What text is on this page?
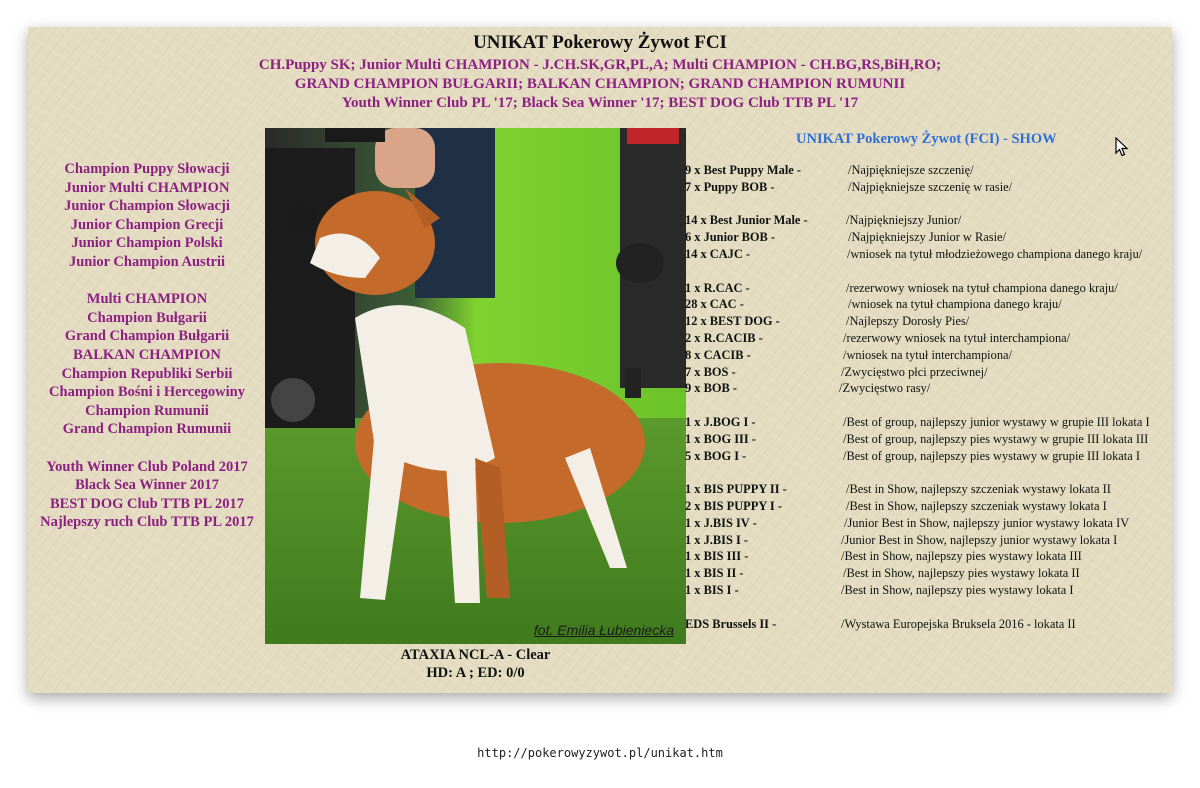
UNIKAT Pokerowy Żywot FCI
CH.Puppy SK; Junior Multi CHAMPION - J.CH.SK,GR,PL,A; Multi CHAMPION - CH.BG,RS,BiH,RO;
GRAND CHAMPION BUŁGARII; BALKAN CHAMPION; GRAND CHAMPION RUMUNII
Youth Winner Club PL '17; Black Sea Winner '17; BEST DOG Club TTB PL '17
Champion Puppy Słowacji
Junior Multi CHAMPION
Junior Champion Słowacji
Junior Champion Grecji
Junior Champion Polski
Junior Champion Austrii
Multi CHAMPION
Champion Bułgarii
Grand Champion Bułgarii
BALKAN CHAMPION
Champion Republiki Serbii
Champion Bośni i Hercegowiny
Champion Rumunii
Grand Champion Rumunii
Youth Winner Club Poland 2017
Black Sea Winner 2017
BEST DOG Club TTB PL 2017
Najlepszy ruch Club TTB PL 2017
fot. Emilia Łubieniecka
ATAXIA NCL-A - Clear
HD: A ; ED: 0/0
UNIKAT Pokerowy Żywot (FCI) - SHOW
9 x Best Puppy Male -	/Najpiękniejsze szczenię/
7 x Puppy BOB -	/Najpiękniejsze szczenię w rasie/
14 x Best Junior Male -	/Najpiękniejszy Junior/
6 x Junior BOB -	/Najpiękniejszy Junior w Rasie/
14 x CAJC -	/wniosek na tytuł młodzieżowego championa danego kraju/
1 x R.CAC -	/rezerwowy wniosek na tytuł championa danego kraju/
28 x CAC -	/wniosek na tytuł championa danego kraju/
12 x BEST DOG -	/Najlepszy Dorosły Pies/
2 x R.CACIB -	/rezerwowy wniosek na tytuł interchampiona/
8 x CACIB -	/wniosek na tytuł interchampiona/
7 x BOS -	/Zwycięstwo płci przeciwnej/
9 x BOB -	/Zwycięstwo rasy/
1 x J.BOG I -	/Best of group, najlepszy junior wystawy w grupie III lokata I
1 x BOG III -	/Best of group, najlepszy pies wystawy w grupie III lokata III
5 x BOG I -	/Best of group, najlepszy pies wystawy w grupie III lokata I
1 x BIS PUPPY II -	/Best in Show, najlepszy szczeniak wystawy lokata II
2 x BIS PUPPY I -	/Best in Show, najlepszy szczeniak wystawy lokata I
1 x J.BIS IV -	/Junior Best in Show, najlepszy junior wystawy lokata IV
1 x J.BIS I -	/Junior Best in Show, najlepszy junior wystawy lokata I
1 x BIS III -	/Best in Show, najlepszy pies wystawy lokata III
1 x BIS II -	/Best in Show, najlepszy pies wystawy lokata II
1 x BIS I -	/Best in Show, najlepszy pies wystawy lokata I
EDS Brussels II -	/Wystawa Europejska Bruksela 2016 - lokata II
http://pokerowyzywot.pl/unikat.htm
